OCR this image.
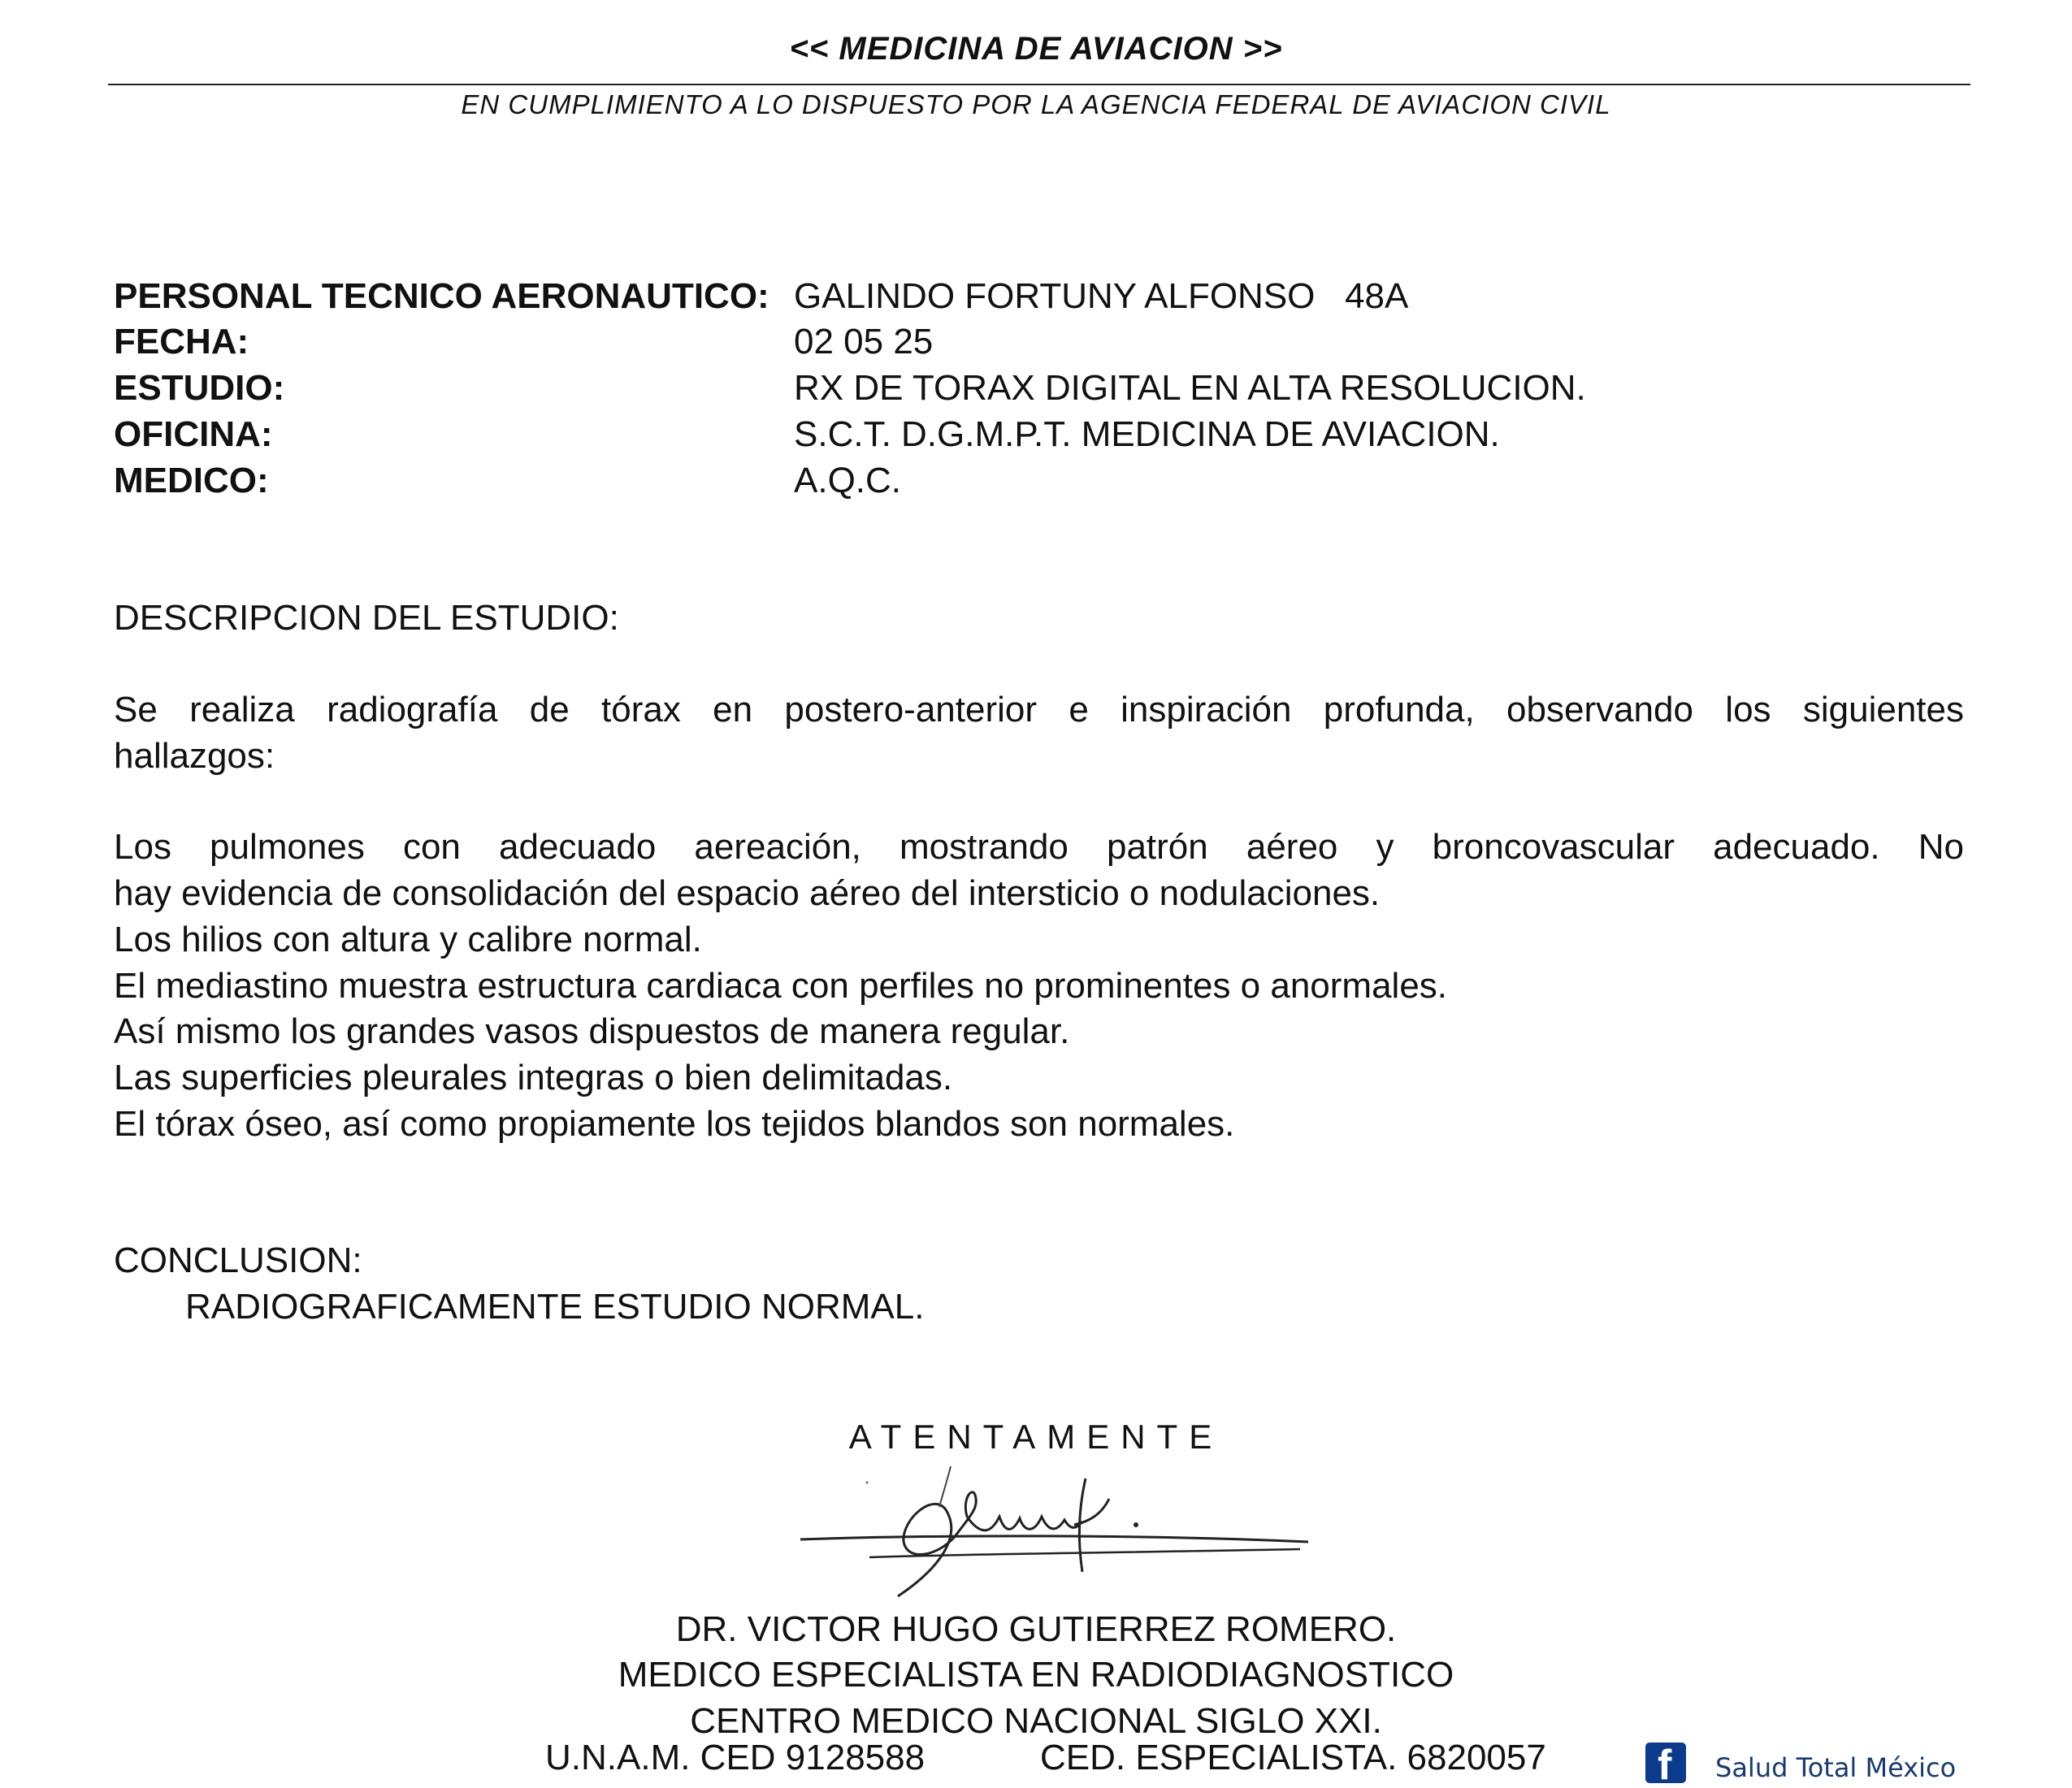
<< MEDICINA DE AVIACION >>
EN CUMPLIMIENTO A LO DISPUESTO POR LA AGENCIA FEDERAL DE AVIACION CIVIL
PERSONAL TECNICO AERONAUTICO: GALINDO FORTUNY ALFONSO   48A
FECHA:	02 05 25
ESTUDIO:	RX DE TORAX DIGITAL EN ALTA RESOLUCION.
OFICINA:	S.C.T. D.G.M.P.T. MEDICINA DE AVIACION.
MEDICO:	A.Q.C.
DESCRIPCION DEL ESTUDIO:
Se realiza radiografía de tórax en postero-anterior e inspiración profunda, observando los siguientes
hallazgos:
Los pulmones con adecuado aereación, mostrando patrón aéreo y broncovascular adecuado. No
hay evidencia de consolidación del espacio aéreo del intersticio o nodulaciones.
Los hilios con altura y calibre normal.
El mediastino muestra estructura cardiaca con perfiles no prominentes o anormales.
Así mismo los grandes vasos dispuestos de manera regular.
Las superficies pleurales integras o bien delimitadas.
El tórax óseo, así como propiamente los tejidos blandos son normales.
CONCLUSION:
RADIOGRAFICAMENTE ESTUDIO NORMAL.
ATENTAMENTE
DR. VICTOR HUGO GUTIERREZ ROMERO.
MEDICO ESPECIALISTA EN RADIODIAGNOSTICO
CENTRO MEDICO NACIONAL SIGLO XXI.
U.N.A.M. CED 9128588	CED. ESPECIALISTA. 6820057	f Salud Total México
